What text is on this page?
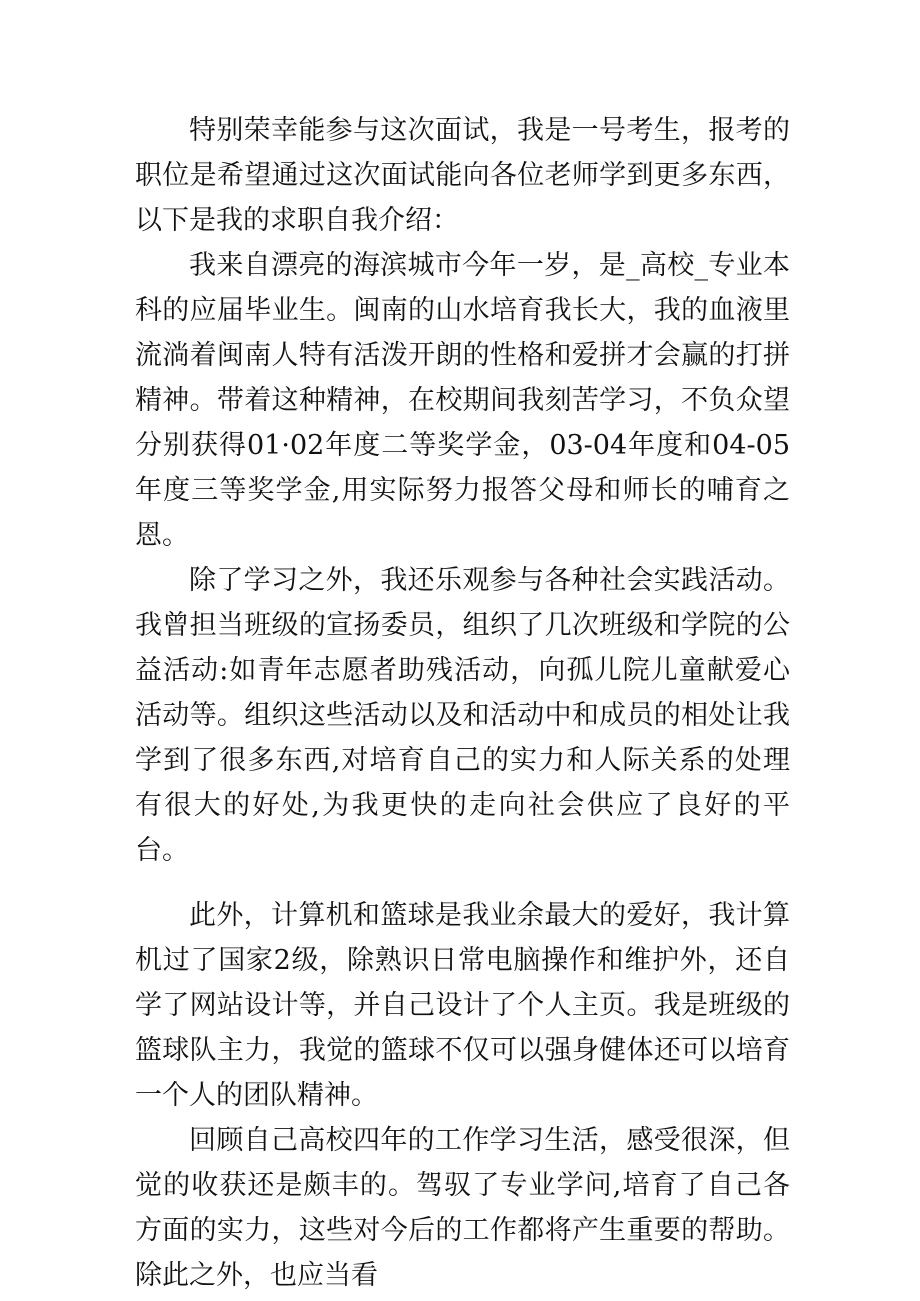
特别荣幸能参与这次面试，我是一号考生，报考的职位是希望通过这次面试能向各位老师学到更多东西，以下是我的求职自我介绍：

我来自漂亮的海滨城市今年一岁，是_高校_专业本科的应届毕业生。闽南的山水培育我长大，我的血液里流淌着闽南人特有活泼开朗的性格和爱拼才会赢的打拼精神。带着这种精神，在校期间我刻苦学习，不负众望分别获得01·02年度二等奖学金，03-04年度和04-05年度三等奖学金,用实际努力报答父母和师长的哺育之恩。

除了学习之外，我还乐观参与各种社会实践活动。我曾担当班级的宣扬委员，组织了几次班级和学院的公益活动:如青年志愿者助残活动，向孤儿院儿童献爱心活动等。组织这些活动以及和活动中和成员的相处让我学到了很多东西,对培育自己的实力和人际关系的处理有很大的好处,为我更快的走向社会供应了良好的平台。

此外，计算机和篮球是我业余最大的爱好，我计算机过了国家2级，除熟识日常电脑操作和维护外，还自学了网站设计等，并自己设计了个人主页。我是班级的篮球队主力，我觉的篮球不仅可以强身健体还可以培育一个人的团队精神。

回顾自己高校四年的工作学习生活，感受很深，但觉的收获还是颇丰的。驾驭了专业学问,培育了自己各方面的实力，这些对今后的工作都将产生重要的帮助。除此之外，也应当看
